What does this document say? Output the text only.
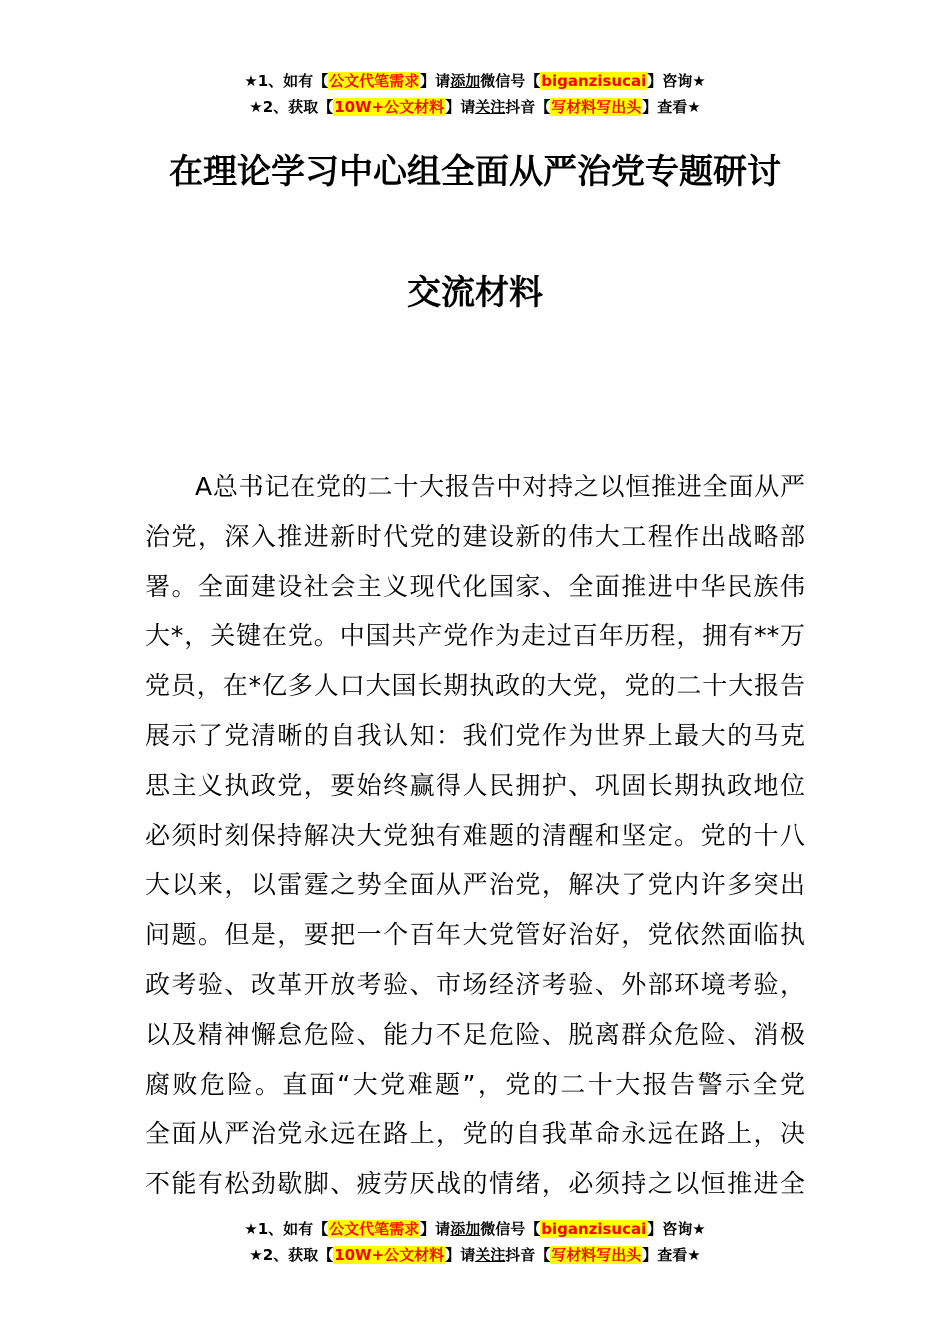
★1、如有【公文代笔需求】请添加微信号【biganzisucai】咨询★
★2、获取【10W+公文材料】请关注抖音【写材料写出头】查看★
在理论学习中心组全面从严治党专题研讨
交流材料
A总书记在党的二十大报告中对持之以恒推进全面从严
治党，深入推进新时代党的建设新的伟大工程作出战略部
署。全面建设社会主义现代化国家、全面推进中华民族伟
大*，关键在党。中国共产党作为走过百年历程，拥有**万
党员，在*亿多人口大国长期执政的大党，党的二十大报告
展示了党清晰的自我认知：我们党作为世界上最大的马克
思主义执政党，要始终赢得人民拥护、巩固长期执政地位
必须时刻保持解决大党独有难题的清醒和坚定。党的十八
大以来，以雷霆之势全面从严治党，解决了党内许多突出
问题。但是，要把一个百年大党管好治好，党依然面临执
政考验、改革开放考验、市场经济考验、外部环境考验，
以及精神懈怠危险、能力不足危险、脱离群众危险、消极
腐败危险。直面“大党难题”，党的二十大报告警示全党
全面从严治党永远在路上，党的自我革命永远在路上，决
不能有松劲歇脚、疲劳厌战的情绪，必须持之以恒推进全
★1、如有【公文代笔需求】请添加微信号【biganzisucai】咨询★
★2、获取【10W+公文材料】请关注抖音【写材料写出头】查看★
